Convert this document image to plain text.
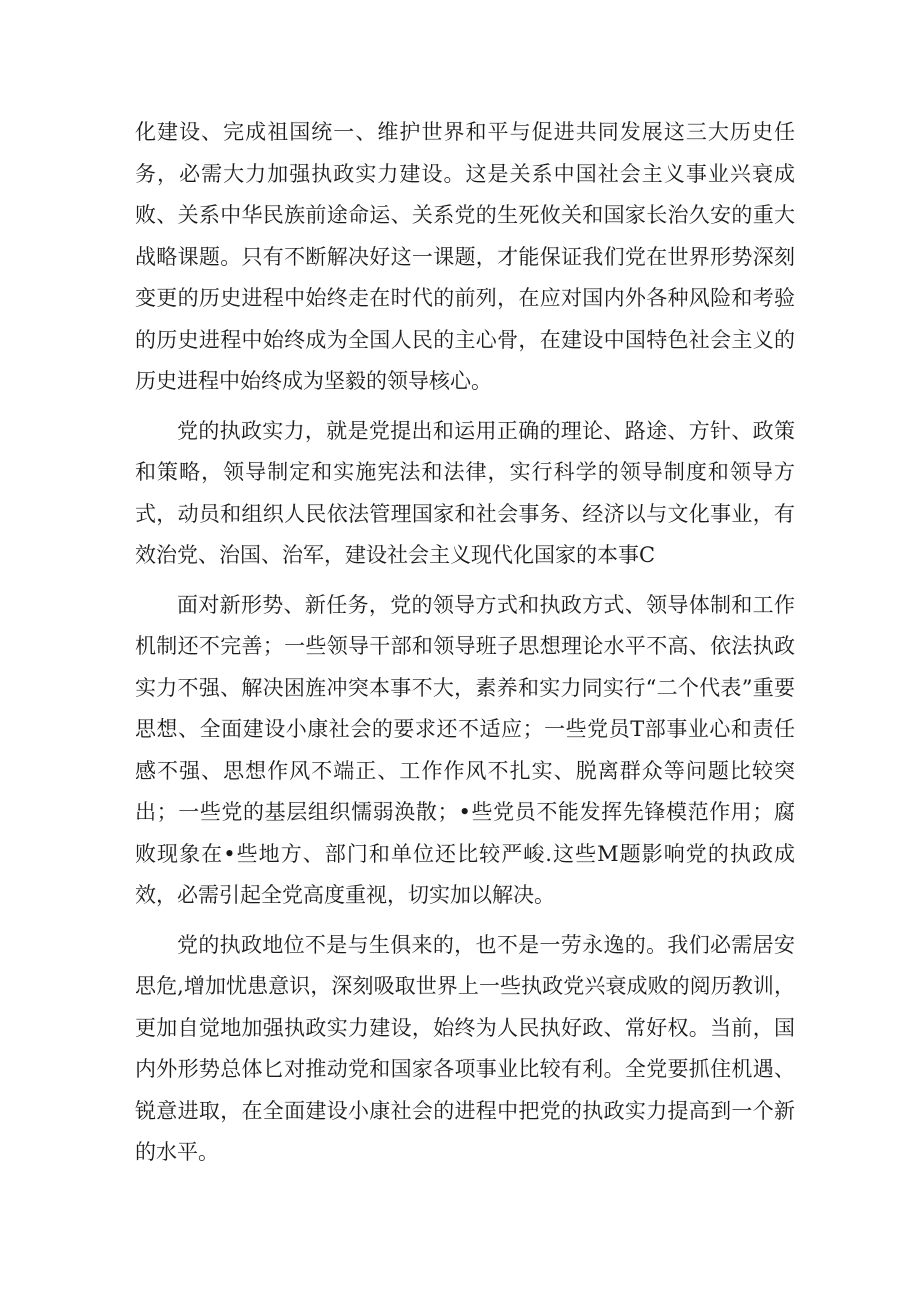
化建设、完成祖国统一、维护世界和平与促进共同发展这三大历史任务，必需大力加强执政实力建设。这是关系中国社会主义事业兴衰成败、关系中华民族前途命运、关系党的生死攸关和国家长治久安的重大战略课题。只有不断解决好这一课题，才能保证我们党在世界形势深刻变更的历史进程中始终走在时代的前列，在应对国内外各种风险和考验的历史进程中始终成为全国人民的主心骨，在建设中国特色社会主义的历史进程中始终成为坚毅的领导核心。

党的执政实力，就是党提出和运用正确的理论、路途、方针、政策和策略，领导制定和实施宪法和法律，实行科学的领导制度和领导方式，动员和组织人民依法管理国家和社会事务、经济以与文化事业，有效治党、治国、治军，建设社会主义现代化国家的本事C

面对新形势、新任务，党的领导方式和执政方式、领导体制和工作机制还不完善；一些领导干部和领导班子思想理论水平不高、依法执政实力不强、解决困旌冲突本事不大，素养和实力同实行“二个代表”重要思想、全面建设小康社会的要求还不适应；一些党员T部事业心和责任感不强、思想作风不端正、工作作风不扎实、脱离群众等问题比较突出；一些党的基层组织懦弱涣散；•些党员不能发挥先锋模范作用；腐败现象在•些地方、部门和单位还比较严峻.这些M题影响党的执政成效，必需引起全党高度重视，切实加以解决。

党的执政地位不是与生俱来的，也不是一劳永逸的。我们必需居安思危,增加忧患意识，深刻吸取世界上一些执政党兴衰成败的阅历教训，更加自觉地加强执政实力建设，始终为人民执好政、常好权。当前，国内外形势总体匕对推动党和国家各项事业比较有利。全党要抓住机遇、锐意进取，在全面建设小康社会的进程中把党的执政实力提高到一个新的水平。
